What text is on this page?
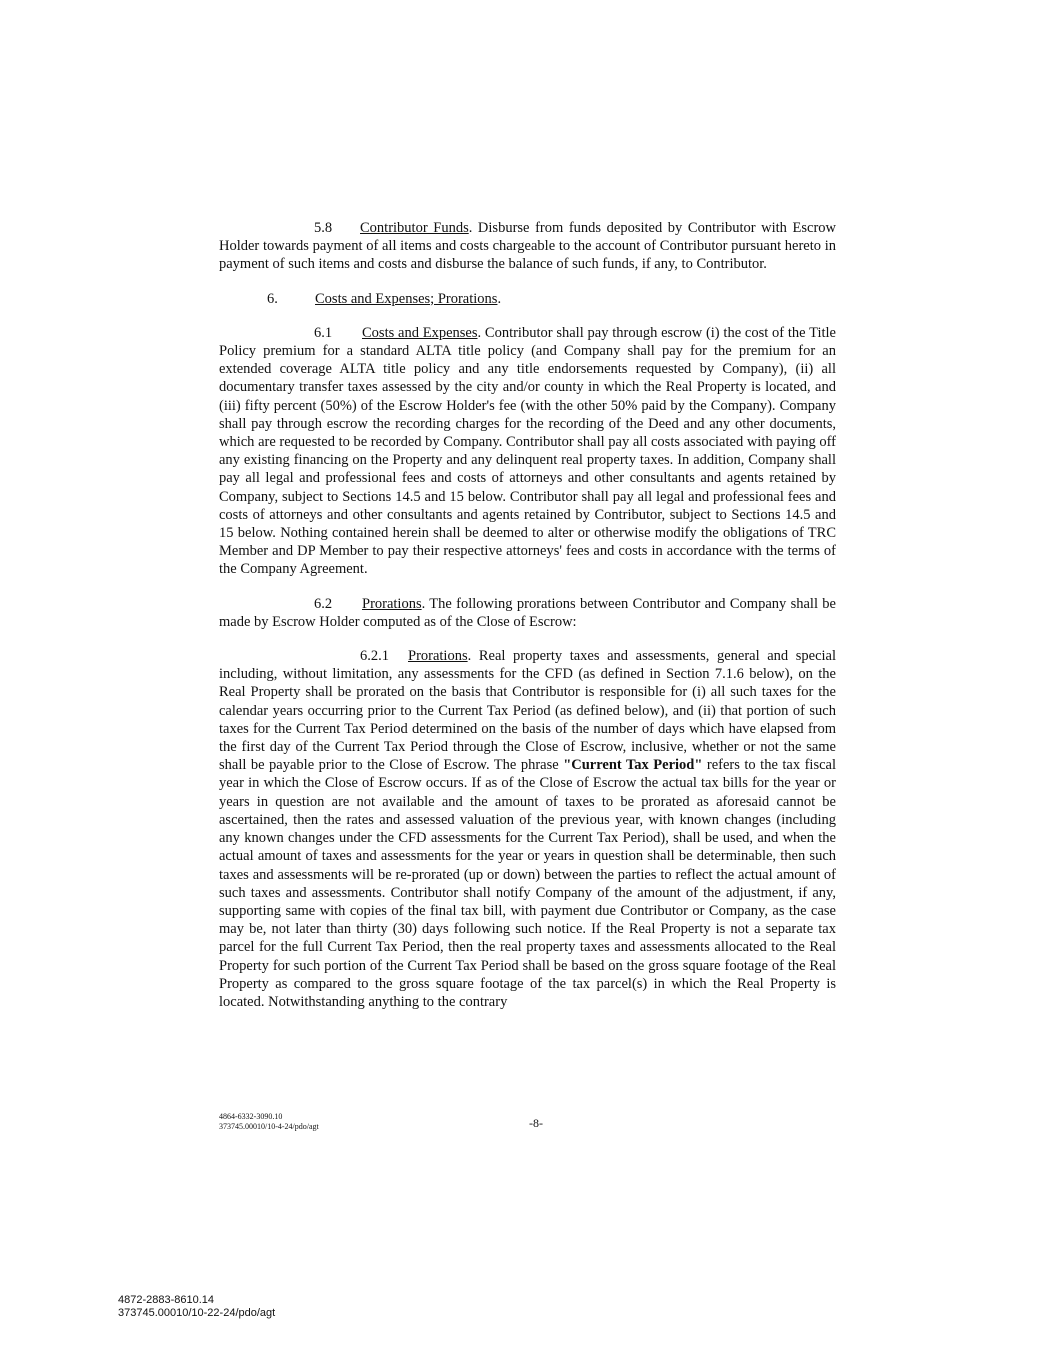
5.8 Contributor Funds. Disburse from funds deposited by Contributor with Escrow Holder towards payment of all items and costs chargeable to the account of Contributor pursuant hereto in payment of such items and costs and disburse the balance of such funds, if any, to Contributor.

6.	Costs and Expenses; Prorations.

6.1 Costs and Expenses. Contributor shall pay through escrow (i) the cost of the Title Policy premium for a standard ALTA title policy (and Company shall pay for the premium for an extended coverage ALTA title policy and any title endorsements requested by Company), (ii) all documentary transfer taxes assessed by the city and/or county in which the Real Property is located, and (iii) fifty percent (50%) of the Escrow Holder's fee (with the other 50% paid by the Company). Company shall pay through escrow the recording charges for the recording of the Deed and any other documents, which are requested to be recorded by Company. Contributor shall pay all costs associated with paying off any existing financing on the Property and any delinquent real property taxes. In addition, Company shall pay all legal and professional fees and costs of attorneys and other consultants and agents retained by Company, subject to Sections 14.5 and 15 below. Contributor shall pay all legal and professional fees and costs of attorneys and other consultants and agents retained by Contributor, subject to Sections 14.5 and 15 below. Nothing contained herein shall be deemed to alter or otherwise modify the obligations of TRC Member and DP Member to pay their respective attorneys' fees and costs in accordance with the terms of the Company Agreement.

6.2 Prorations. The following prorations between Contributor and Company shall be made by Escrow Holder computed as of the Close of Escrow:

6.2.1 Prorations. Real property taxes and assessments, general and special including, without limitation, any assessments for the CFD (as defined in Section 7.1.6 below), on the Real Property shall be prorated on the basis that Contributor is responsible for (i) all such taxes for the calendar years occurring prior to the Current Tax Period (as defined below), and (ii) that portion of such taxes for the Current Tax Period determined on the basis of the number of days which have elapsed from the first day of the Current Tax Period through the Close of Escrow, inclusive, whether or not the same shall be payable prior to the Close of Escrow. The phrase "Current Tax Period" refers to the tax fiscal year in which the Close of Escrow occurs. If as of the Close of Escrow the actual tax bills for the year or years in question are not available and the amount of taxes to be prorated as aforesaid cannot be ascertained, then the rates and assessed valuation of the previous year, with known changes (including any known changes under the CFD assessments for the Current Tax Period), shall be used, and when the actual amount of taxes and assessments for the year or years in question shall be determinable, then such taxes and assessments will be re-prorated (up or down) between the parties to reflect the actual amount of such taxes and assessments. Contributor shall notify Company of the amount of the adjustment, if any, supporting same with copies of the final tax bill, with payment due Contributor or Company, as the case may be, not later than thirty (30) days following such notice. If the Real Property is not a separate tax parcel for the full Current Tax Period, then the real property taxes and assessments allocated to the Real Property for such portion of the Current Tax Period shall be based on the gross square footage of the Real Property as compared to the gross square footage of the tax parcel(s) in which the Real Property is located. Notwithstanding anything to the contrary

4864-6332-3090.10
373745.00010/10-4-24/pdo/agt	-8-
4872-2883-8610.14
373745.00010/10-22-24/pdo/agt
